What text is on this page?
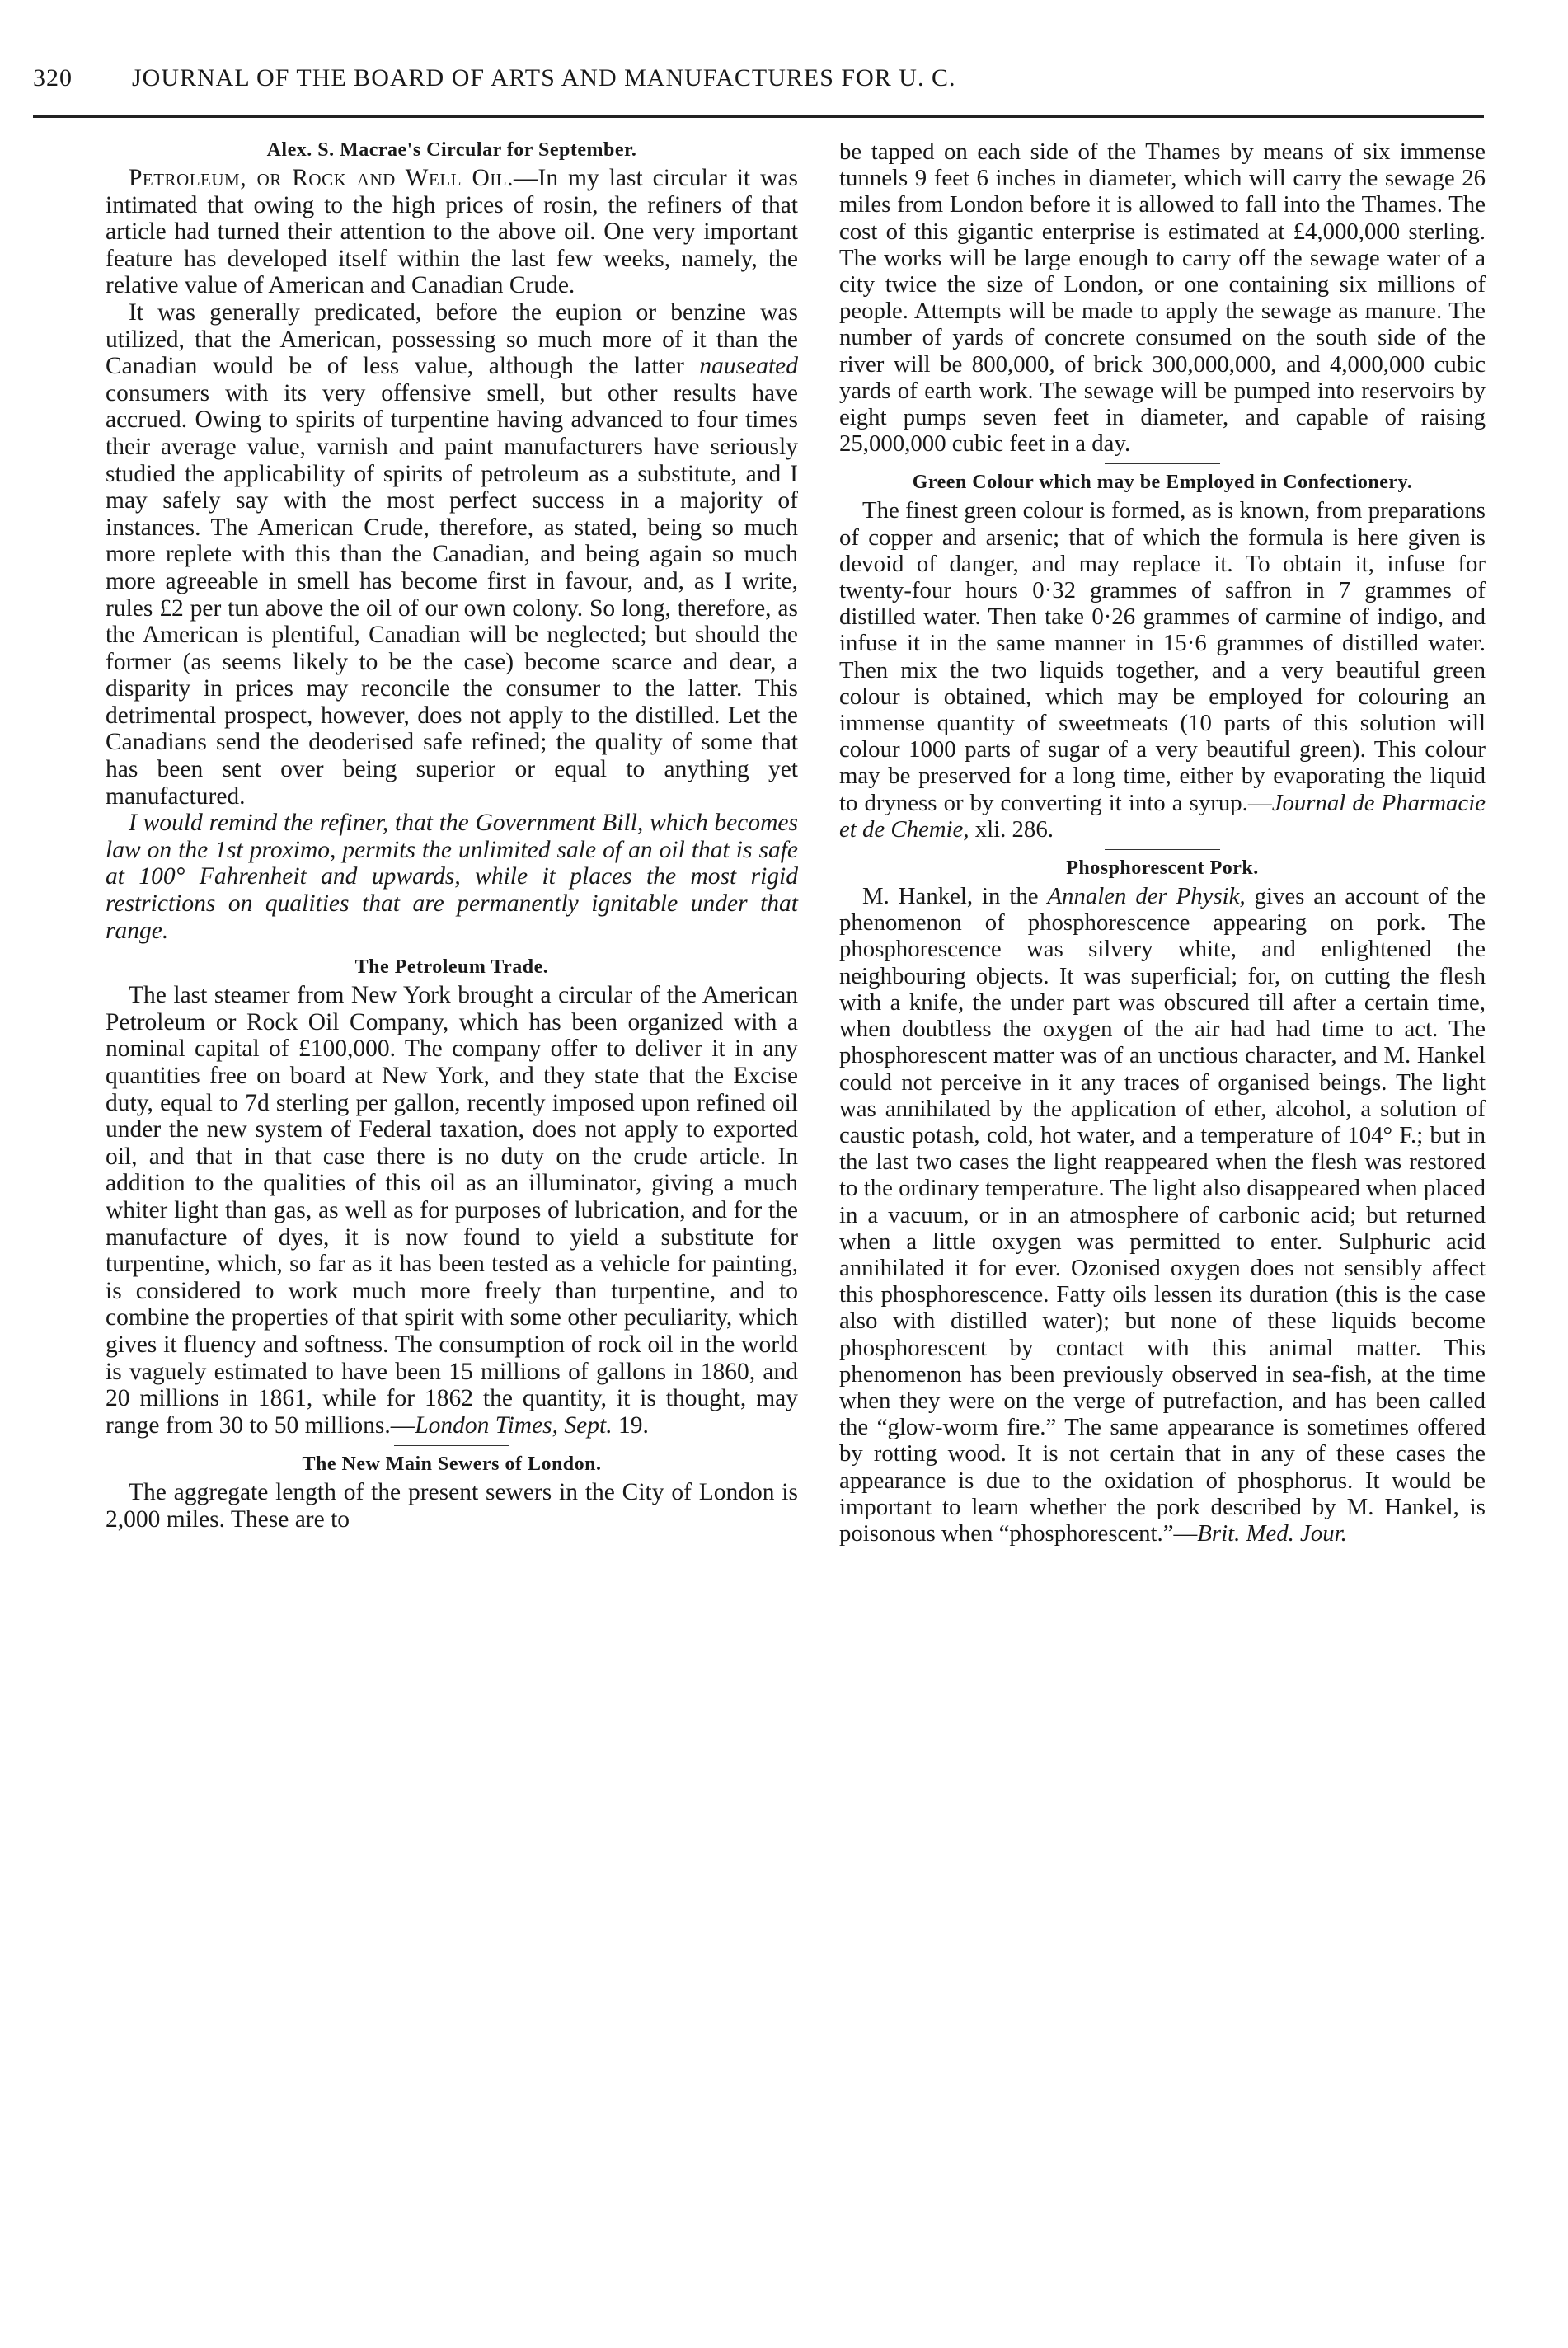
320 JOURNAL OF THE BOARD OF ARTS AND MANUFACTURES FOR U. C.
Alex. S. Macrae's Circular for September.

Petroleum, or Rock and Well Oil.—In my last circular it was intimated that owing to the high prices of rosin, the refiners of that article had turned their attention to the above oil. One very important feature has developed itself within the last few weeks, namely, the relative value of American and Canadian Crude.

It was generally predicated, before the eupion or benzine was utilized, that the American, possessing so much more of it than the Canadian would be of less value, although the latter nauseated consumers with its very offensive smell, but other results have accrued. Owing to spirits of turpentine having advanced to four times their average value, varnish and paint manufacturers have seriously studied the applicability of spirits of petroleum as a substitute, and I may safely say with the most perfect success in a majority of instances. The American Crude, therefore, as stated, being so much more replete with this than the Canadian, and being again so much more agreeable in smell has become first in favour, and, as I write, rules £2 per tun above the oil of our own colony. So long, therefore, as the American is plentiful, Canadian will be neglected; but should the former (as seems likely to be the case) become scarce and dear, a disparity in prices may reconcile the consumer to the latter. This detrimental prospect, however, does not apply to the distilled. Let the Canadians send the deoderised safe refined; the quality of some that has been sent over being superior or equal to anything yet manufactured.

I would remind the refiner, that the Government Bill, which becomes law on the 1st proximo, permits the unlimited sale of an oil that is safe at 100° Fahrenheit and upwards, while it places the most rigid restrictions on qualities that are permanently ignitable under that range.

The Petroleum Trade.

The last steamer from New York brought a circular of the American Petroleum or Rock Oil Company, which has been organized with a nominal capital of £100,000. The company offer to deliver it in any quantities free on board at New York, and they state that the Excise duty, equal to 7d sterling per gallon, recently imposed upon refined oil under the new system of Federal taxation, does not apply to exported oil, and that in that case there is no duty on the crude article. In addition to the qualities of this oil as an illuminator, giving a much whiter light than gas, as well as for purposes of lubrication, and for the manufacture of dyes, it is now found to yield a substitute for turpentine, which, so far as it has been tested as a vehicle for painting, is considered to work much more freely than turpentine, and to combine the properties of that spirit with some other peculiarity, which gives it fluency and softness. The consumption of rock oil in the world is vaguely estimated to have been 15 millions of gallons in 1860, and 20 millions in 1861, while for 1862 the quantity, it is thought, may range from 30 to 50 millions.—London Times, Sept. 19.

The New Main Sewers of London.

The aggregate length of the present sewers in the City of London is 2,000 miles. These are to

be tapped on each side of the Thames by means of six immense tunnels 9 feet 6 inches in diameter, which will carry the sewage 26 miles from London before it is allowed to fall into the Thames. The cost of this gigantic enterprise is estimated at £4,000,000 sterling. The works will be large enough to carry off the sewage water of a city twice the size of London, or one containing six millions of people. Attempts will be made to apply the sewage as manure. The number of yards of concrete consumed on the south side of the river will be 800,000, of brick 300,000,000, and 4,000,000 cubic yards of earth work. The sewage will be pumped into reservoirs by eight pumps seven feet in diameter, and capable of raising 25,000,000 cubic feet in a day.

Green Colour which may be Employed in Confectionery.

The finest green colour is formed, as is known, from preparations of copper and arsenic; that of which the formula is here given is devoid of danger, and may replace it. To obtain it, infuse for twenty-four hours 0·32 grammes of saffron in 7 grammes of distilled water. Then take 0·26 grammes of carmine of indigo, and infuse it in the same manner in 15·6 grammes of distilled water. Then mix the two liquids together, and a very beautiful green colour is obtained, which may be employed for colouring an immense quantity of sweetmeats (10 parts of this solution will colour 1000 parts of sugar of a very beautiful green). This colour may be preserved for a long time, either by evaporating the liquid to dryness or by converting it into a syrup.—Journal de Pharmacie et de Chemie, xli. 286.

Phosphorescent Pork.

M. Hankel, in the Annalen der Physik, gives an account of the phenomenon of phosphorescence appearing on pork. The phosphorescence was silvery white, and enlightened the neighbouring objects. It was superficial; for, on cutting the flesh with a knife, the under part was obscured till after a certain time, when doubtless the oxygen of the air had had time to act. The phosphorescent matter was of an unctious character, and M. Hankel could not perceive in it any traces of organised beings. The light was annihilated by the application of ether, alcohol, a solution of caustic potash, cold, hot water, and a temperature of 104° F.; but in the last two cases the light reappeared when the flesh was restored to the ordinary temperature. The light also disappeared when placed in a vacuum, or in an atmosphere of carbonic acid; but returned when a little oxygen was permitted to enter. Sulphuric acid annihilated it for ever. Ozonised oxygen does not sensibly affect this phosphorescence. Fatty oils lessen its duration (this is the case also with distilled water); but none of these liquids become phosphorescent by contact with this animal matter. This phenomenon has been previously observed in sea-fish, at the time when they were on the verge of putrefaction, and has been called the “glow-worm fire.” The same appearance is sometimes offered by rotting wood. It is not certain that in any of these cases the appearance is due to the oxidation of phosphorus. It would be important to learn whether the pork described by M. Hankel, is poisonous when “phosphorescent.”—Brit. Med. Jour.
